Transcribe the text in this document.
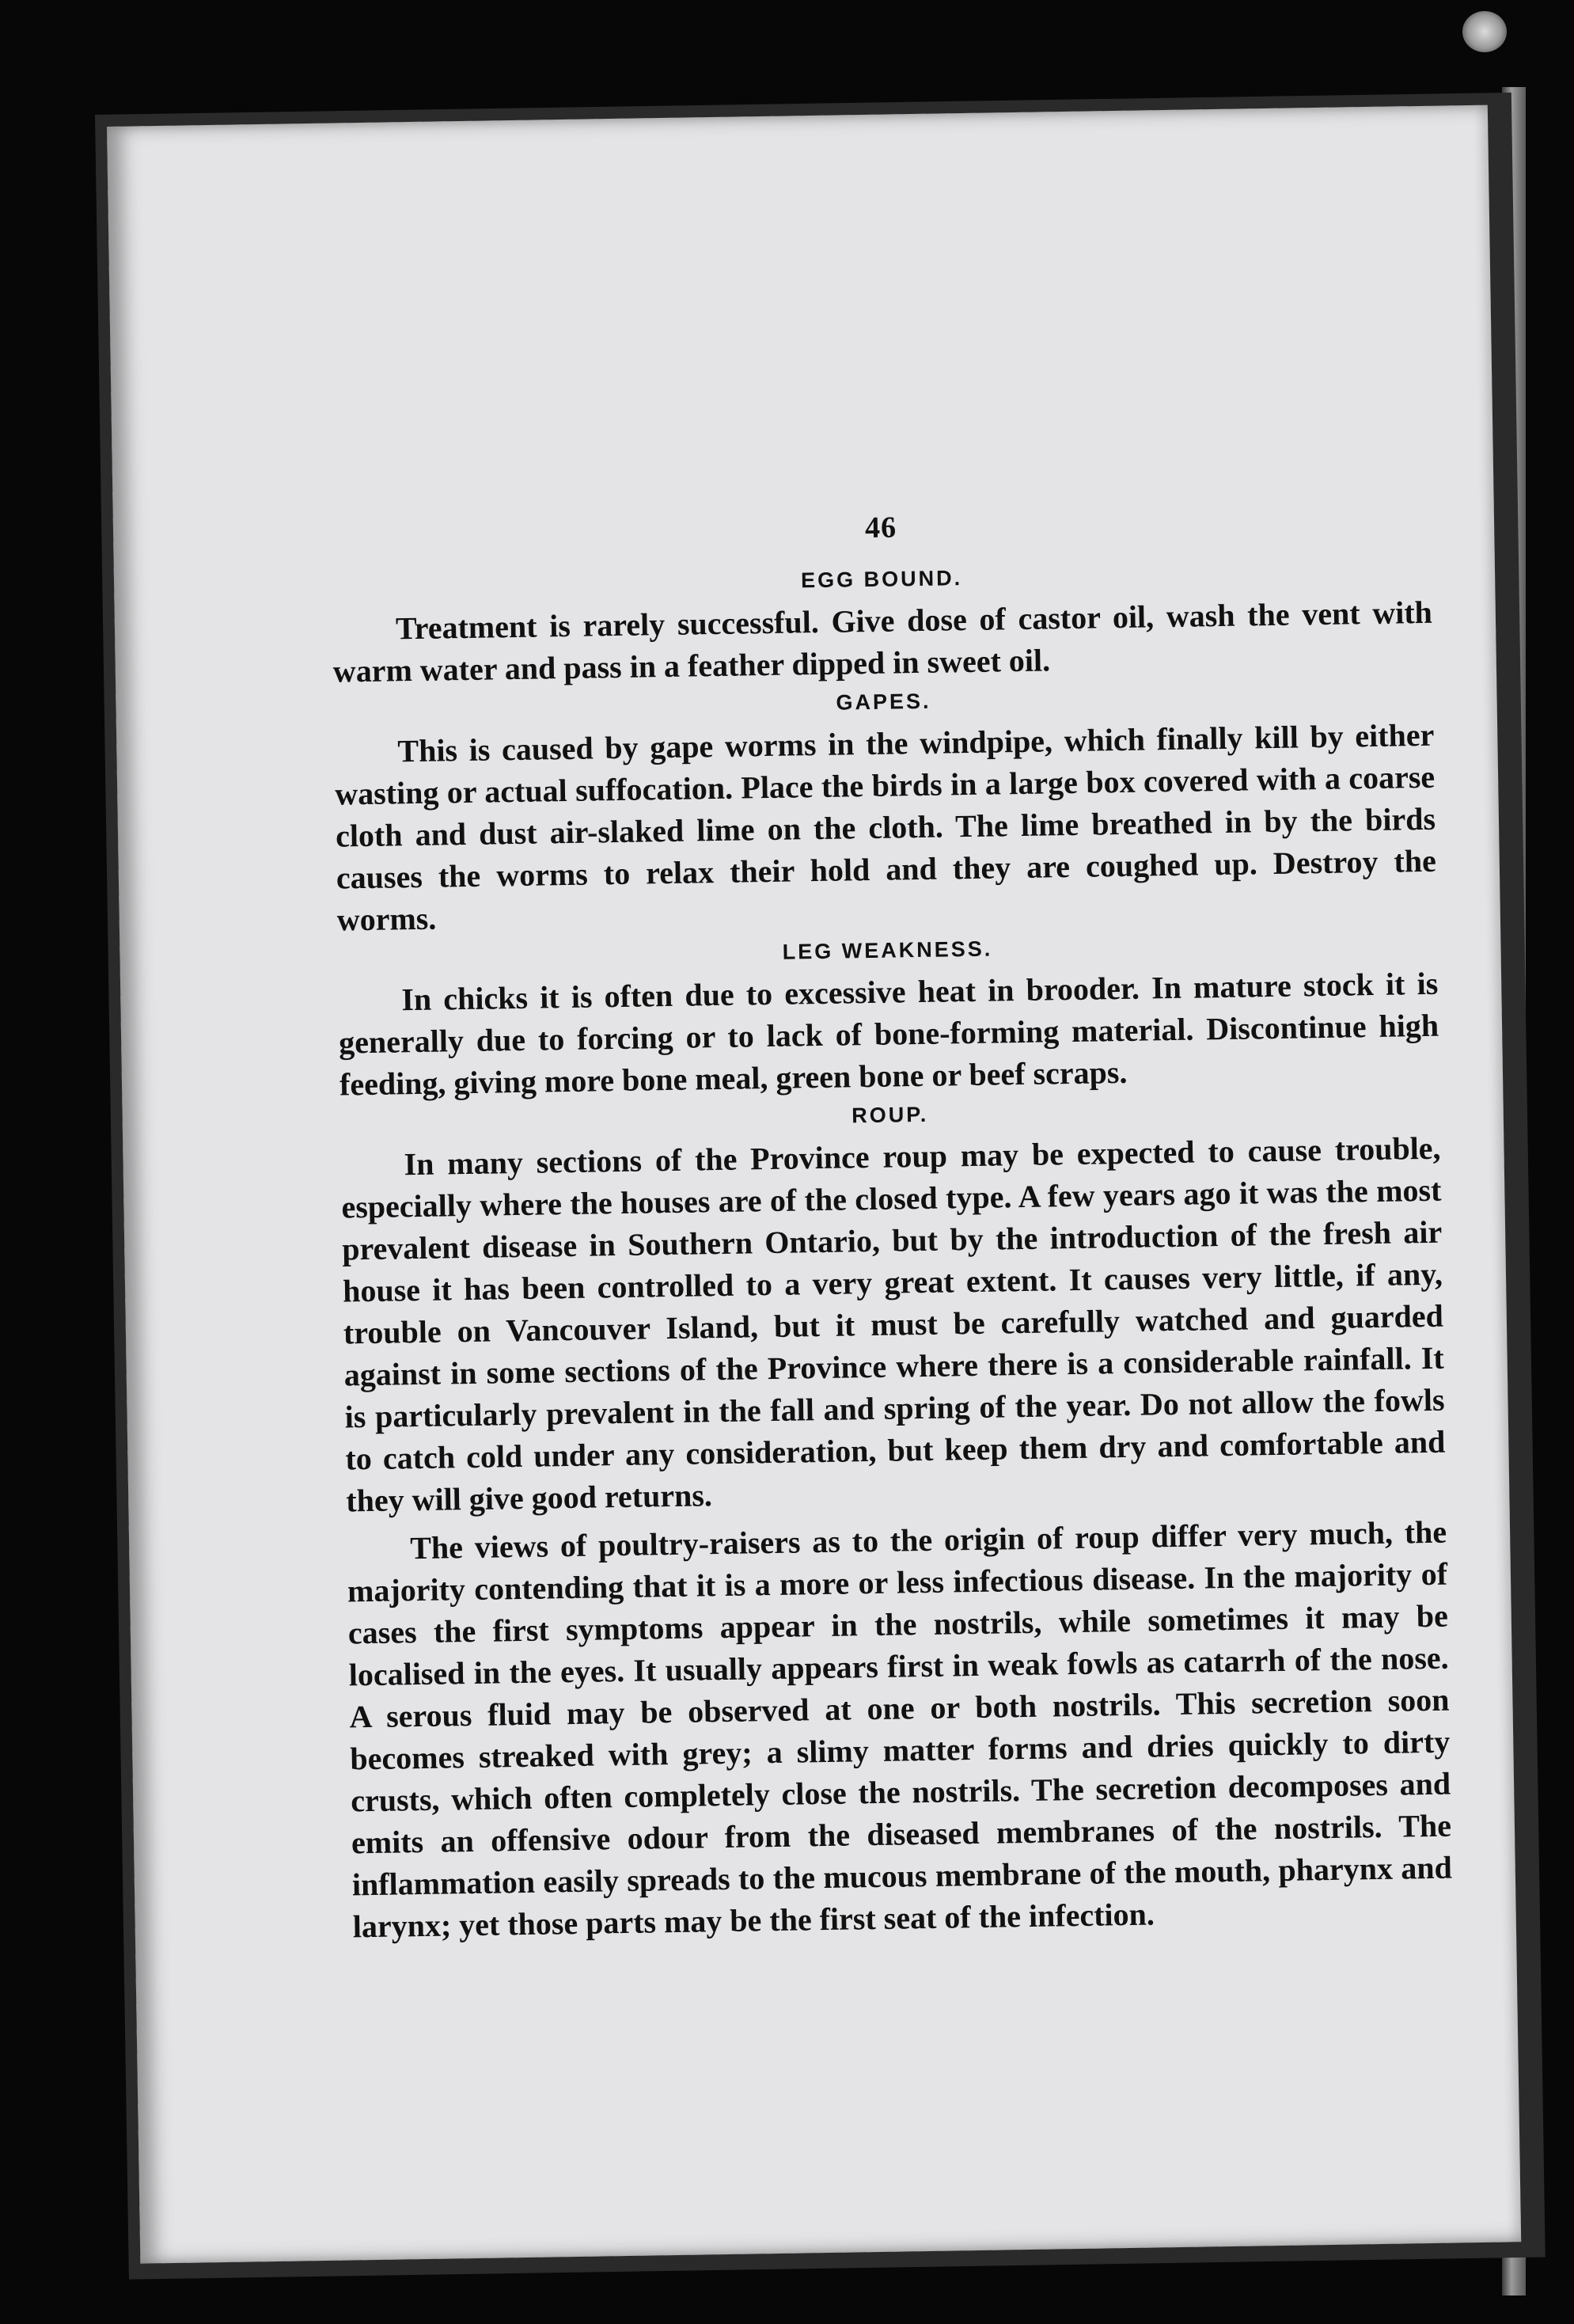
46
EGG BOUND.

Treatment is rarely successful. Give dose of castor oil, wash the vent with warm water and pass in a feather dipped in sweet oil.

GAPES.

This is caused by gape worms in the windpipe, which finally kill by either wasting or actual suffocation. Place the birds in a large box covered with a coarse cloth and dust air-slaked lime on the cloth. The lime breathed in by the birds causes the worms to relax their hold and they are coughed up. Destroy the worms.

LEG WEAKNESS.

In chicks it is often due to excessive heat in brooder. In mature stock it is generally due to forcing or to lack of bone-forming material. Discontinue high feeding, giving more bone meal, green bone or beef scraps.

ROUP.

In many sections of the Province roup may be expected to cause trouble, especially where the houses are of the closed type. A few years ago it was the most prevalent disease in Southern Ontario, but by the introduction of the fresh air house it has been controlled to a very great extent. It causes very little, if any, trouble on Vancouver Island, but it must be carefully watched and guarded against in some sections of the Province where there is a considerable rainfall. It is particularly prevalent in the fall and spring of the year. Do not allow the fowls to catch cold under any consideration, but keep them dry and comfortable and they will give good returns.

The views of poultry-raisers as to the origin of roup differ very much, the majority contending that it is a more or less infectious disease. In the majority of cases the first symptoms appear in the nostrils, while sometimes it may be localised in the eyes. It usually appears first in weak fowls as catarrh of the nose. A serous fluid may be observed at one or both nostrils. This secretion soon becomes streaked with grey; a slimy matter forms and dries quickly to dirty crusts, which often completely close the nostrils. The secretion decomposes and emits an offensive odour from the diseased membranes of the nostrils. The inflammation easily spreads to the mucous membrane of the mouth, pharynx and larynx; yet those parts may be the first seat of the infection.
